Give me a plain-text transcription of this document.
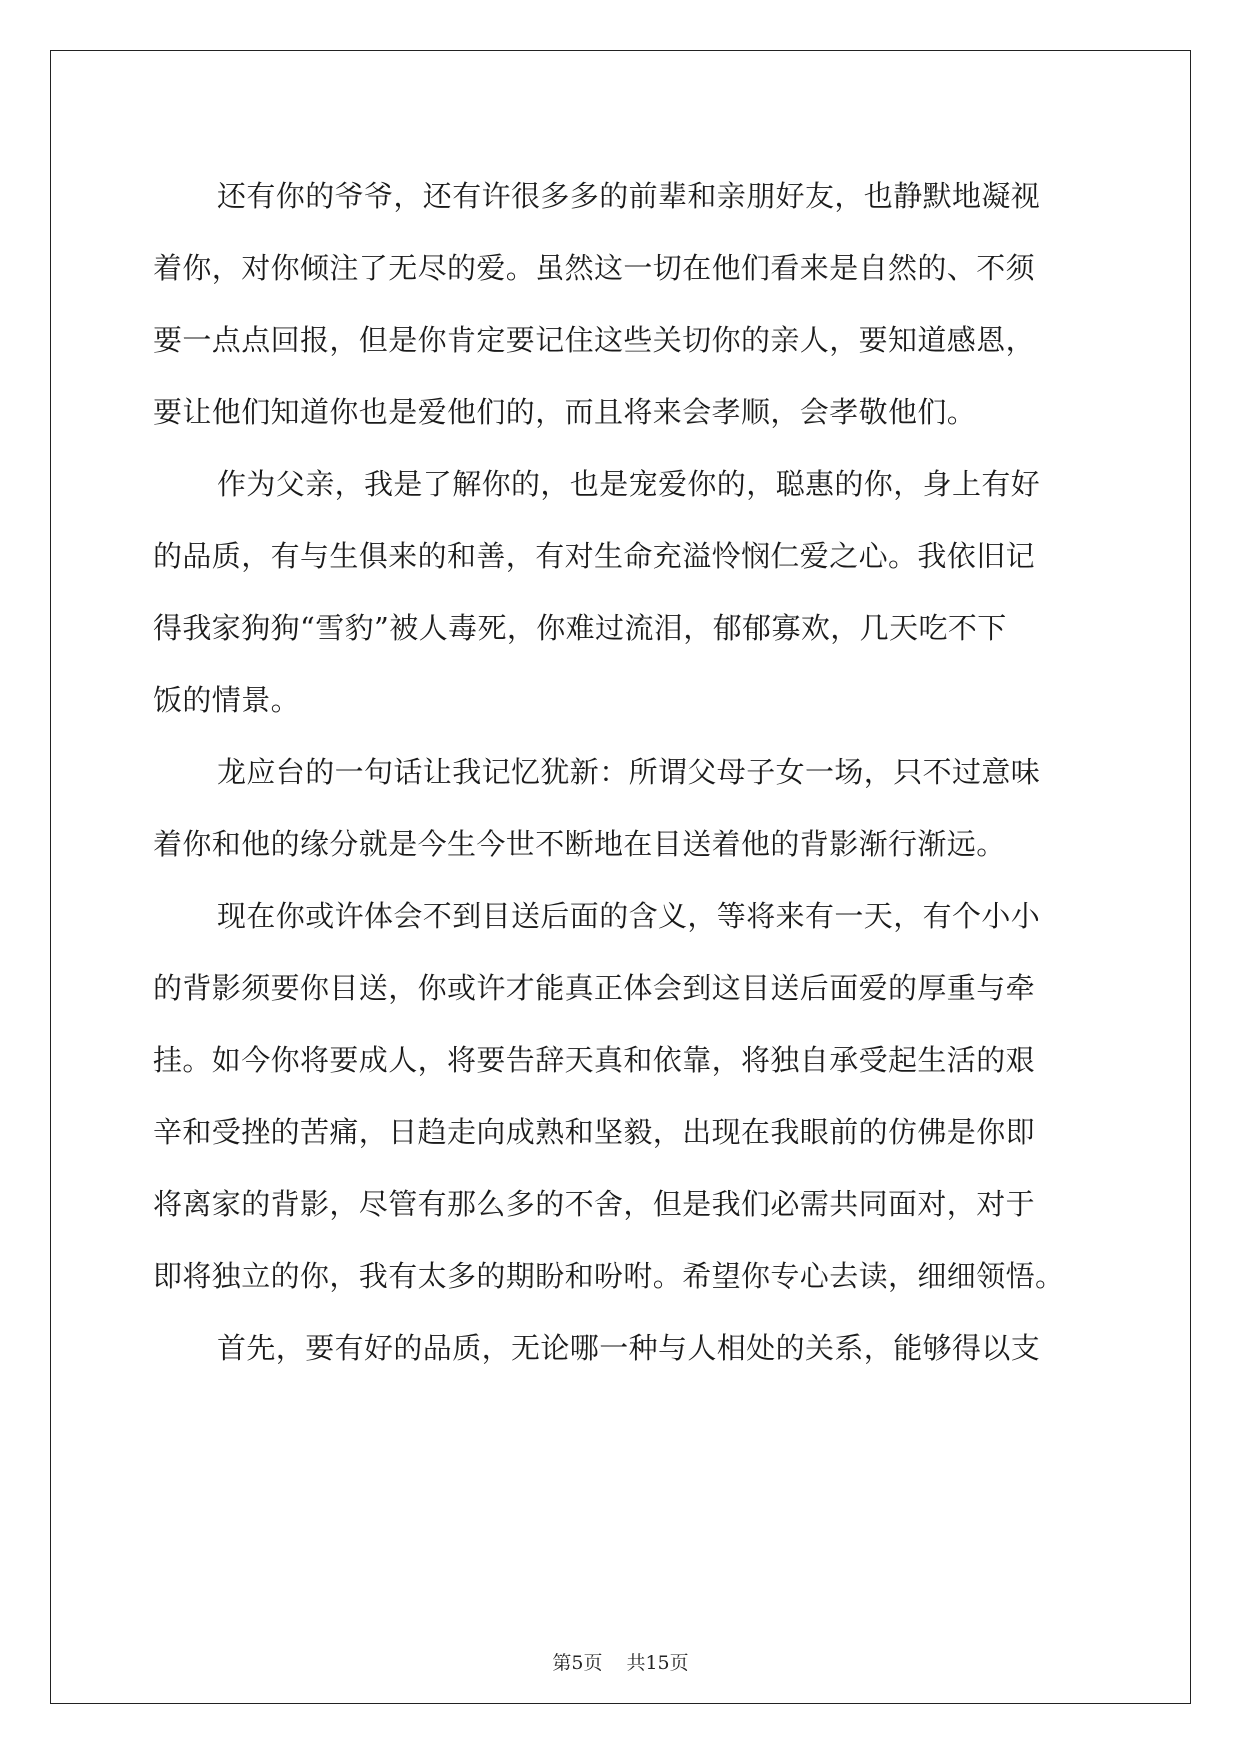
还有你的爷爷，还有许很多多的前辈和亲朋好友，也静默地凝视
着你，对你倾注了无尽的爱。虽然这一切在他们看来是自然的、不须
要一点点回报，但是你肯定要记住这些关切你的亲人，要知道感恩，
要让他们知道你也是爱他们的，而且将来会孝顺，会孝敬他们。
作为父亲，我是了解你的，也是宠爱你的，聪惠的你，身上有好
的品质，有与生俱来的和善，有对生命充溢怜悯仁爱之心。我依旧记
得我家狗狗“雪豹”被人毒死，你难过流泪，郁郁寡欢，几天吃不下
饭的情景。
龙应台的一句话让我记忆犹新：所谓父母子女一场，只不过意味
着你和他的缘分就是今生今世不断地在目送着他的背影渐行渐远。
现在你或许体会不到目送后面的含义，等将来有一天，有个小小
的背影须要你目送，你或许才能真正体会到这目送后面爱的厚重与牵
挂。如今你将要成人，将要告辞天真和依靠，将独自承受起生活的艰
辛和受挫的苦痛，日趋走向成熟和坚毅，出现在我眼前的仿佛是你即
将离家的背影，尽管有那么多的不舍，但是我们必需共同面对，对于
即将独立的你，我有太多的期盼和吩咐。希望你专心去读，细细领悟。
首先，要有好的品质，无论哪一种与人相处的关系，能够得以支
第5页 共15页
